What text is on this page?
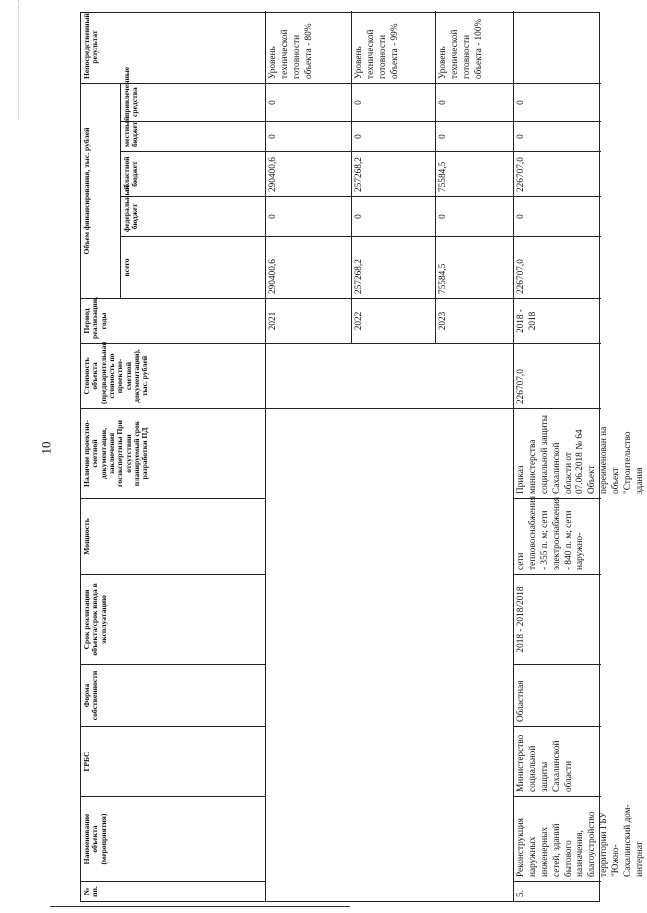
10
№ пп.
Наименование объекта (мероприятия)
ГРБС
Форма собственности
Срок реализации объекта/срок ввода в эксплуатацию
Мощность
Наличие проектно-сметной документации, заключения госэкспертизы При отсутствии планируемый срок разработки ПД
Стоимость объекта (предварительная стоимость по проектно-сметной документации), тыс. рублей
Период реализации, годы
Объем финансирования, тыс. рублей
всего
федеральный бюджет
областной бюджет
местный бюджет
привлеченные средства
Непосредственный результат
2021
290400,6
0
290400,6
0
0
Уровень технической готовности объекта - 80%
2022
257268,2
0
257268,2
0
0
Уровень технической готовности объекта - 99%
2023
75584,5
0
75584,5
0
0
Уровень технической готовности объекта - 100%
5.
Реконструкция наружных инженерных сетей, зданий бытового назначения, благоустройство территории ГБУ "Южно-Сахалинский дом-интернат
Министерство социальной защиты Сахалинской области
Областная
2018 - 2018/2018
сети тепловоснабжения - 355 п. м; сети электроснабжения - 840 п. м; сети наружно-
Приказ министерства социальной защиты Сахалинской области от 07.06.2018 № 64 Объект переименован на объект "Строительство здания
226707,0
2018 - 2018
226707,0
0
226707,0
0
0
